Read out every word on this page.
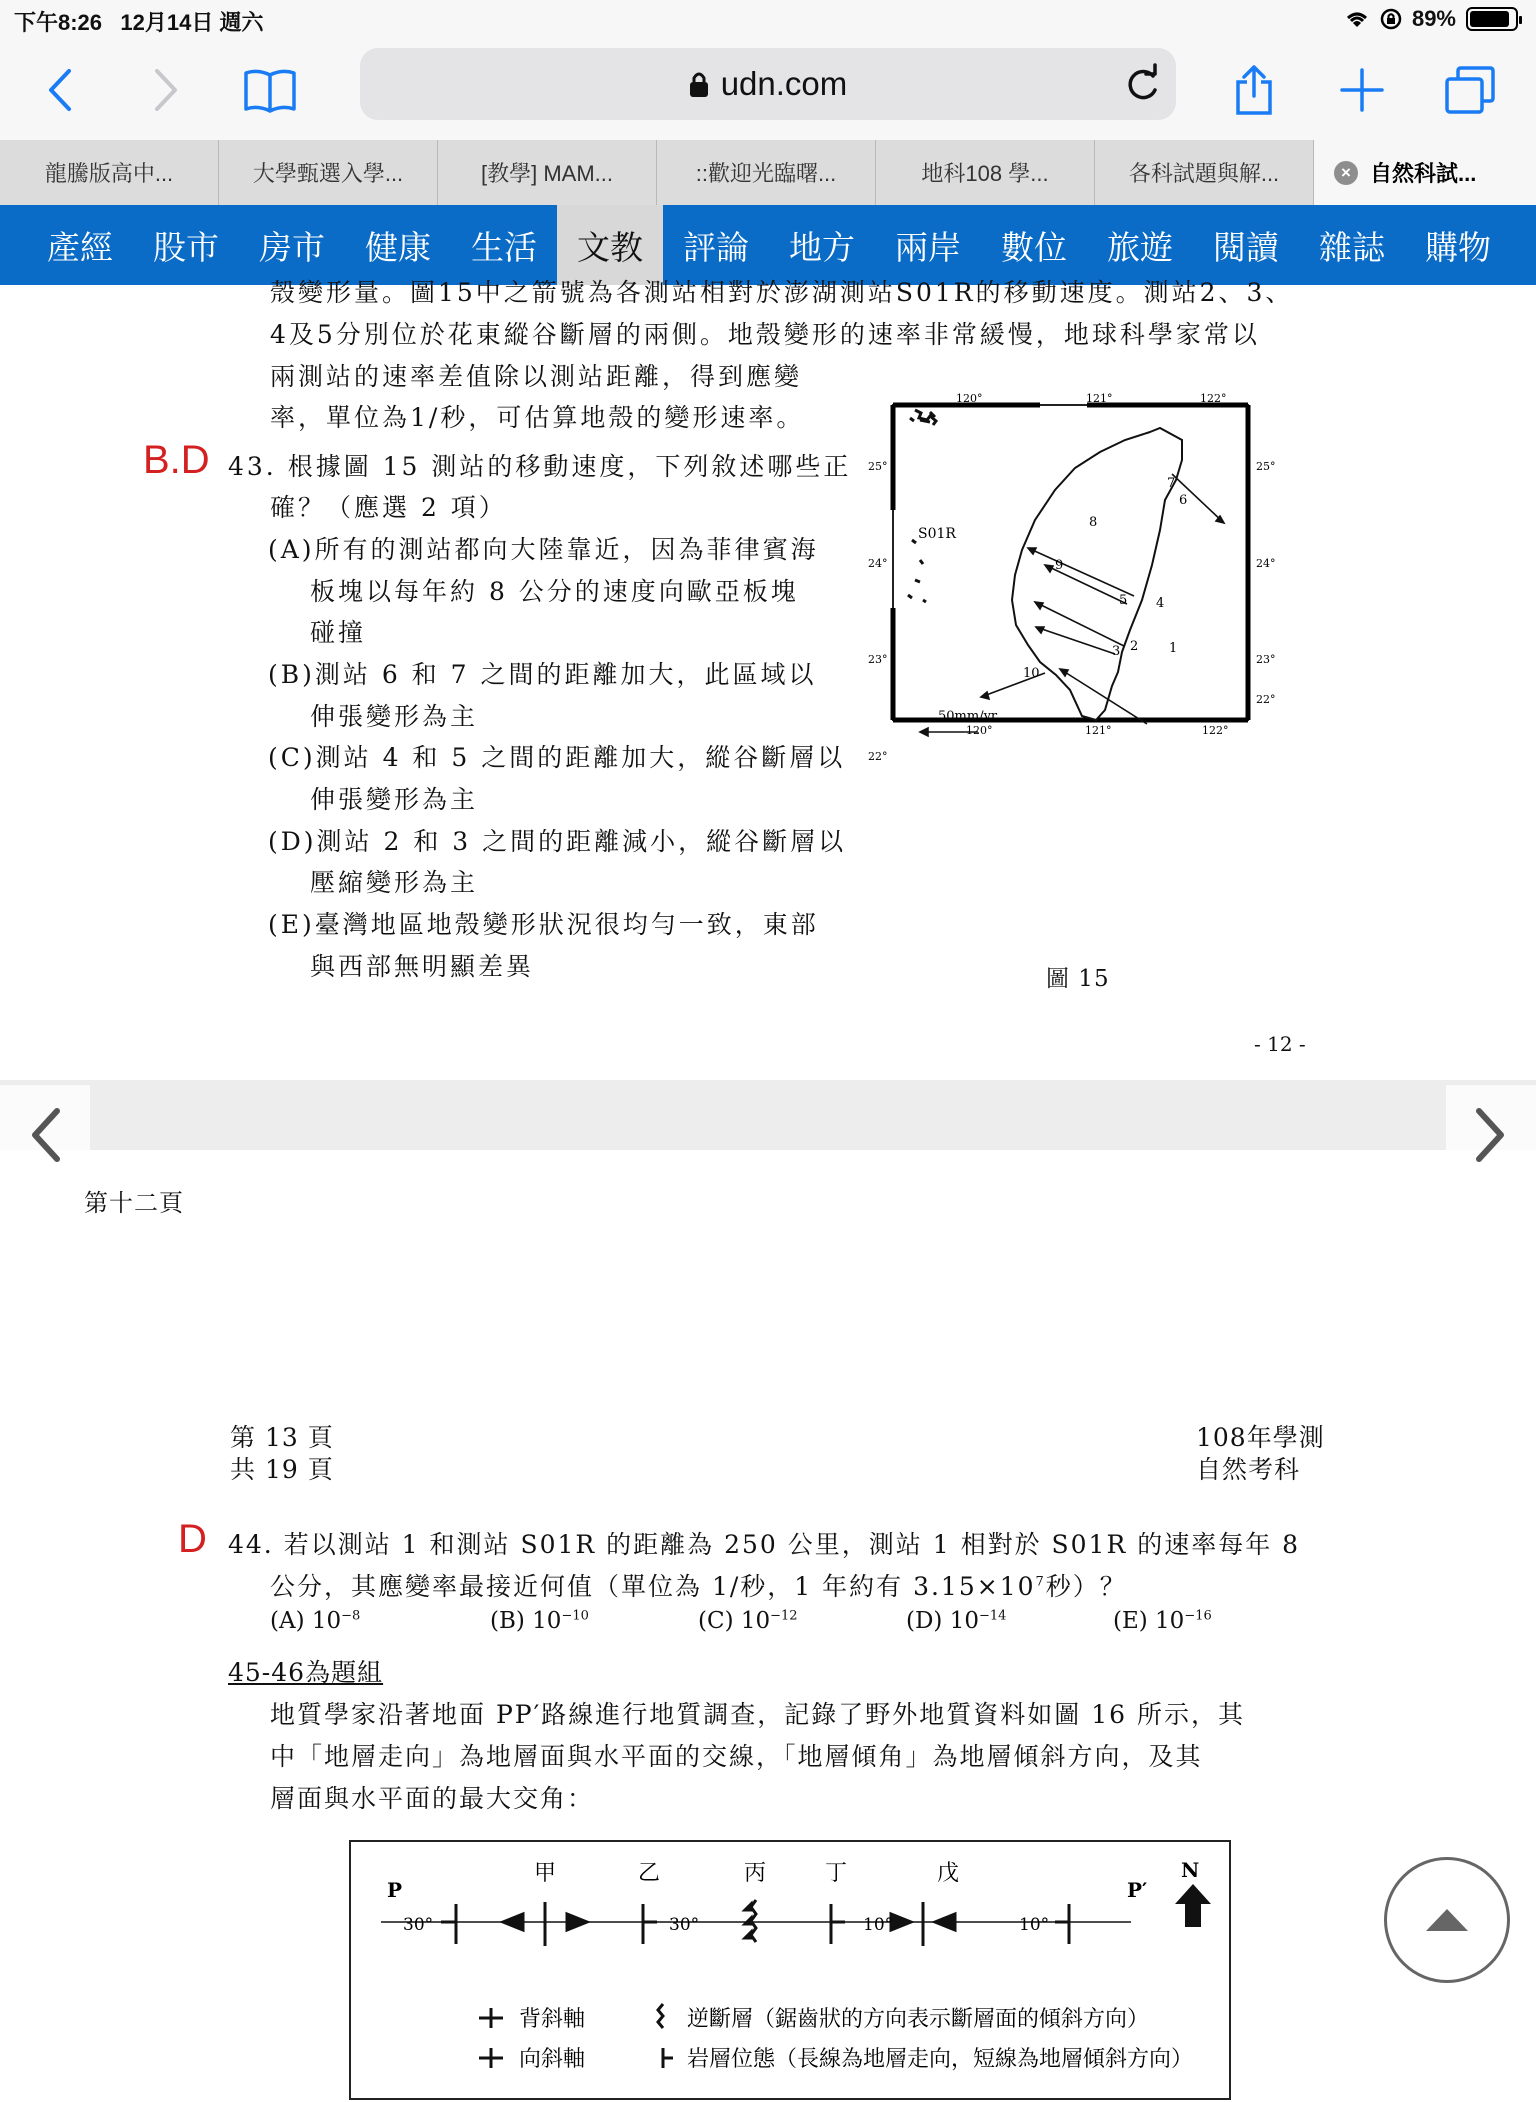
下午8:26 12月14日 週六	89%
udn.com
龍騰版高中...	大學甄選入學...	[教學] MAM...	::歡迎光臨曙...	地科108 學...	各科試題與解...	× 自然科試...
產經	股市	房市	健康	生活	文教	評論	地方	兩岸	數位	旅遊	閱讀	雜誌	購物
殼變形量。圖15中之箭號為各測站相對於澎湖測站S01R的移動速度。測站2、3、
4及5分別位於花東縱谷斷層的兩側。地殼變形的速率非常緩慢，地球科學家常以
兩測站的速率差值除以測站距離，得到應變
率，單位為1/秒，可估算地殼的變形速率。
B.D 43. 根據圖 15 測站的移動速度，下列敘述哪些正
確？（應選 2 項）
(A)所有的測站都向大陸靠近，因為菲律賓海
板塊以每年約 8 公分的速度向歐亞板塊
碰撞
(B)測站 6 和 7 之間的距離加大，此區域以
伸張變形為主
(C)測站 4 和 5 之間的距離加大，縱谷斷層以
伸張變形為主
(D)測站 2 和 3 之間的距離減小，縱谷斷層以
壓縮變形為主
(E)臺灣地區地殼變形狀況很均勻一致，東部
與西部無明顯差異
120°	121°	122°
120°	121°	122°
25°
24°
23°
22°
25°
24°
23°
22°
S01R
1
2
3
4
5
6
7
8
9
10
50mm/yr
圖 15
- 12 -
第十二頁
第 13 頁
共 19 頁
108年學測
自然考科
D 44. 若以測站 1 和測站 S01R 的距離為 250 公里，測站 1 相對於 S01R 的速率每年 8
公分，其應變率最接近何值（單位為 1/秒，1 年約有 $3.15\times 10^7$秒）？
(A) $10^{-8}$	(B) $10^{-10}$	(C) $10^{-12}$	(D) $10^{-14}$	(E) $10^{-16}$
45-46為題組
地質學家沿著地面 PP′路線進行地質調查，記錄了野外地質資料如圖 16 所示，其
中「地層走向」為地層面與水平面的交線，「地層傾角」為地層傾斜方向，及其
層面與水平面的最大交角：
P	P′
N
30°	30°	10°	10°
甲	乙	丙	丁	戊
背斜軸	逆斷層（鋸齒狀的方向表示斷層面的傾斜方向）
向斜軸	岩層位態（長線為地層走向，短線為地層傾斜方向）
